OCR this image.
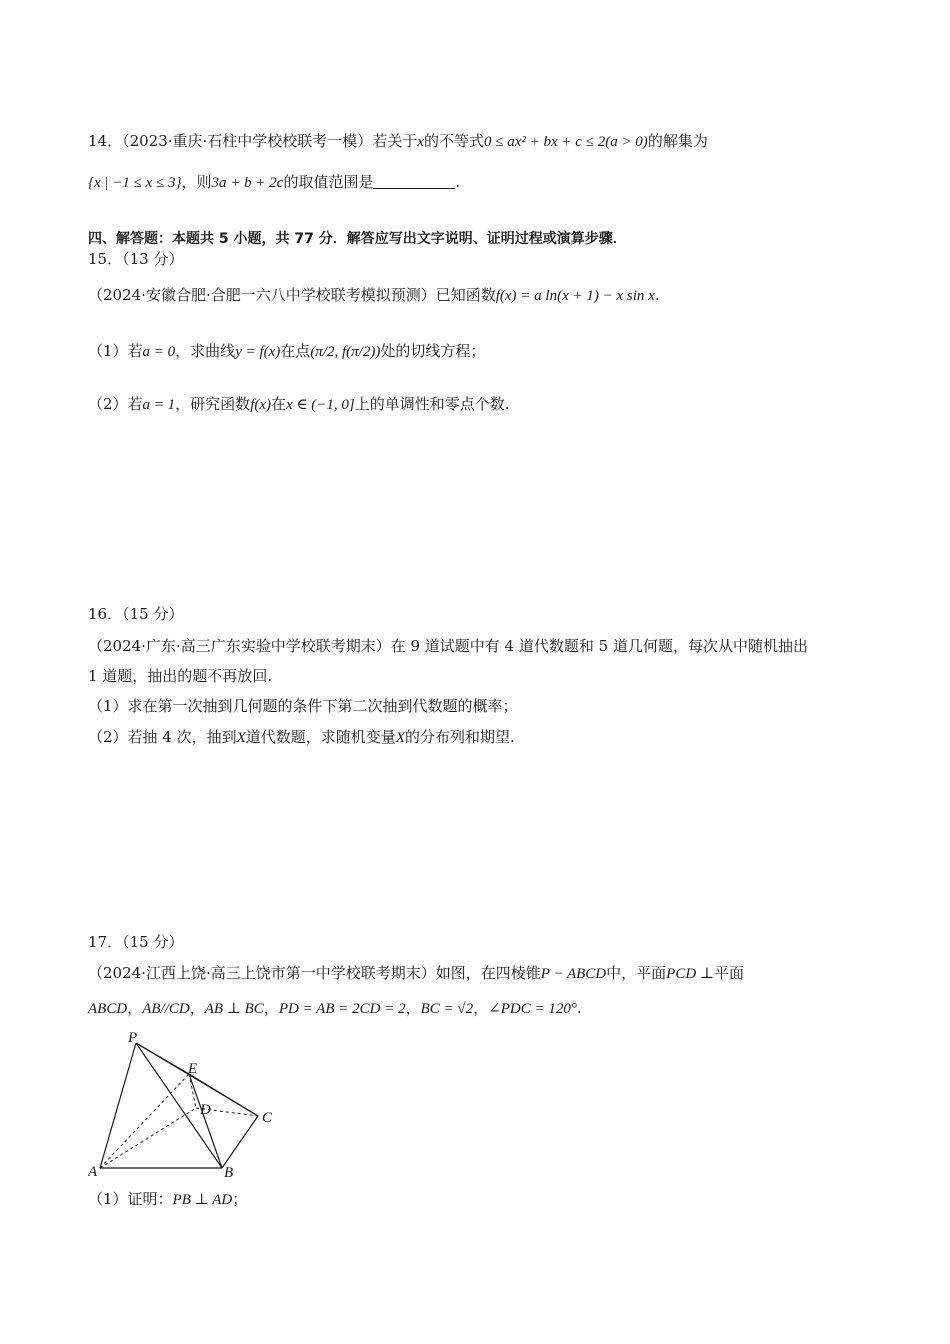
14．（2023·重庆·石柱中学校校联考一模）若关于x的不等式0 ≤ ax² + bx + c ≤ 2(a > 0)的解集为
{x | −1 ≤ x ≤ 3}，则3a + b + 2c的取值范围是	.
四、解答题：本题共 5 小题，共 77 分．解答应写出文字说明、证明过程或演算步骤．
15．（13 分）
（2024·安徽合肥·合肥一六八中学校联考模拟预测）已知函数f(x) = a ln(x + 1) − x sin x.
（1）若a = 0，求曲线y = f(x)在点(π/2, f(π/2))处的切线方程；
（2）若a = 1，研究函数f(x)在x ∈ (−1, 0]上的单调性和零点个数.
16．（15 分）
（2024·广东·高三广东实验中学校联考期末）在 9 道试题中有 4 道代数题和 5 道几何题，每次从中随机抽出
1 道题，抽出的题不再放回.
（1）求在第一次抽到几何题的条件下第二次抽到代数题的概率；
（2）若抽 4 次，抽到X道代数题，求随机变量X的分布列和期望.
17．（15 分）
（2024·江西上饶·高三上饶市第一中学校联考期末）如图，在四棱锥P − ABCD中，平面PCD ⊥平面
ABCD，AB//CD，AB ⊥ BC，PD = AB = 2CD = 2，BC = √2，∠PDC = 120°.
P
E
D	C
A	B
（1）证明：PB ⊥ AD；
